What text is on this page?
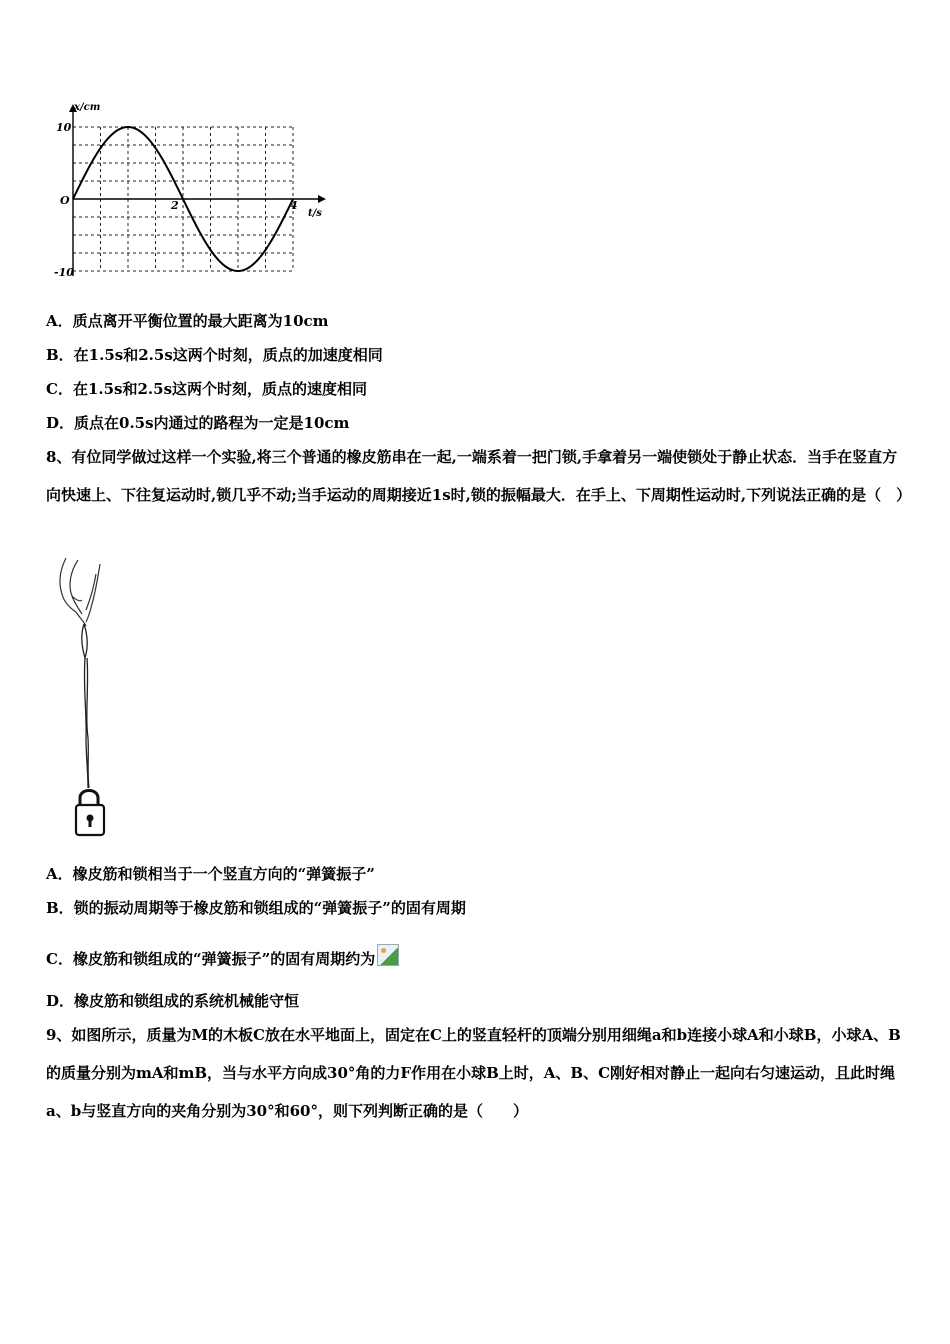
x/cm
t/s
10
-10
O	2	4
A．质点离开平衡位置的最大距离为10cm
B．在1.5s和2.5s这两个时刻，质点的加速度相同
C．在1.5s和2.5s这两个时刻，质点的速度相同
D．质点在0.5s内通过的路程为一定是10cm
8、有位同学做过这样一个实验,将三个普通的橡皮筋串在一起,一端系着一把门锁,手拿着另一端使锁处于静止状态．当手在竖直方向快速上、下往复运动时,锁几乎不动;当手运动的周期接近1s时,锁的振幅最大．在手上、下周期性运动时,下列说法正确的是（　）
A．橡皮筋和锁相当于一个竖直方向的“弹簧振子”
B．锁的振动周期等于橡皮筋和锁组成的“弹簧振子”的固有周期
C．橡皮筋和锁组成的“弹簧振子”的固有周期约为
D．橡皮筋和锁组成的系统机械能守恒
9、如图所示，质量为M的木板C放在水平地面上，固定在C上的竖直轻杆的顶端分别用细绳a和b连接小球A和小球B，小球A、B的质量分别为mA和mB，当与水平方向成30°角的力F作用在小球B上时，A、B、C刚好相对静止一起向右匀速运动，且此时绳a、b与竖直方向的夹角分别为30°和60°，则下列判断正确的是（　　）
